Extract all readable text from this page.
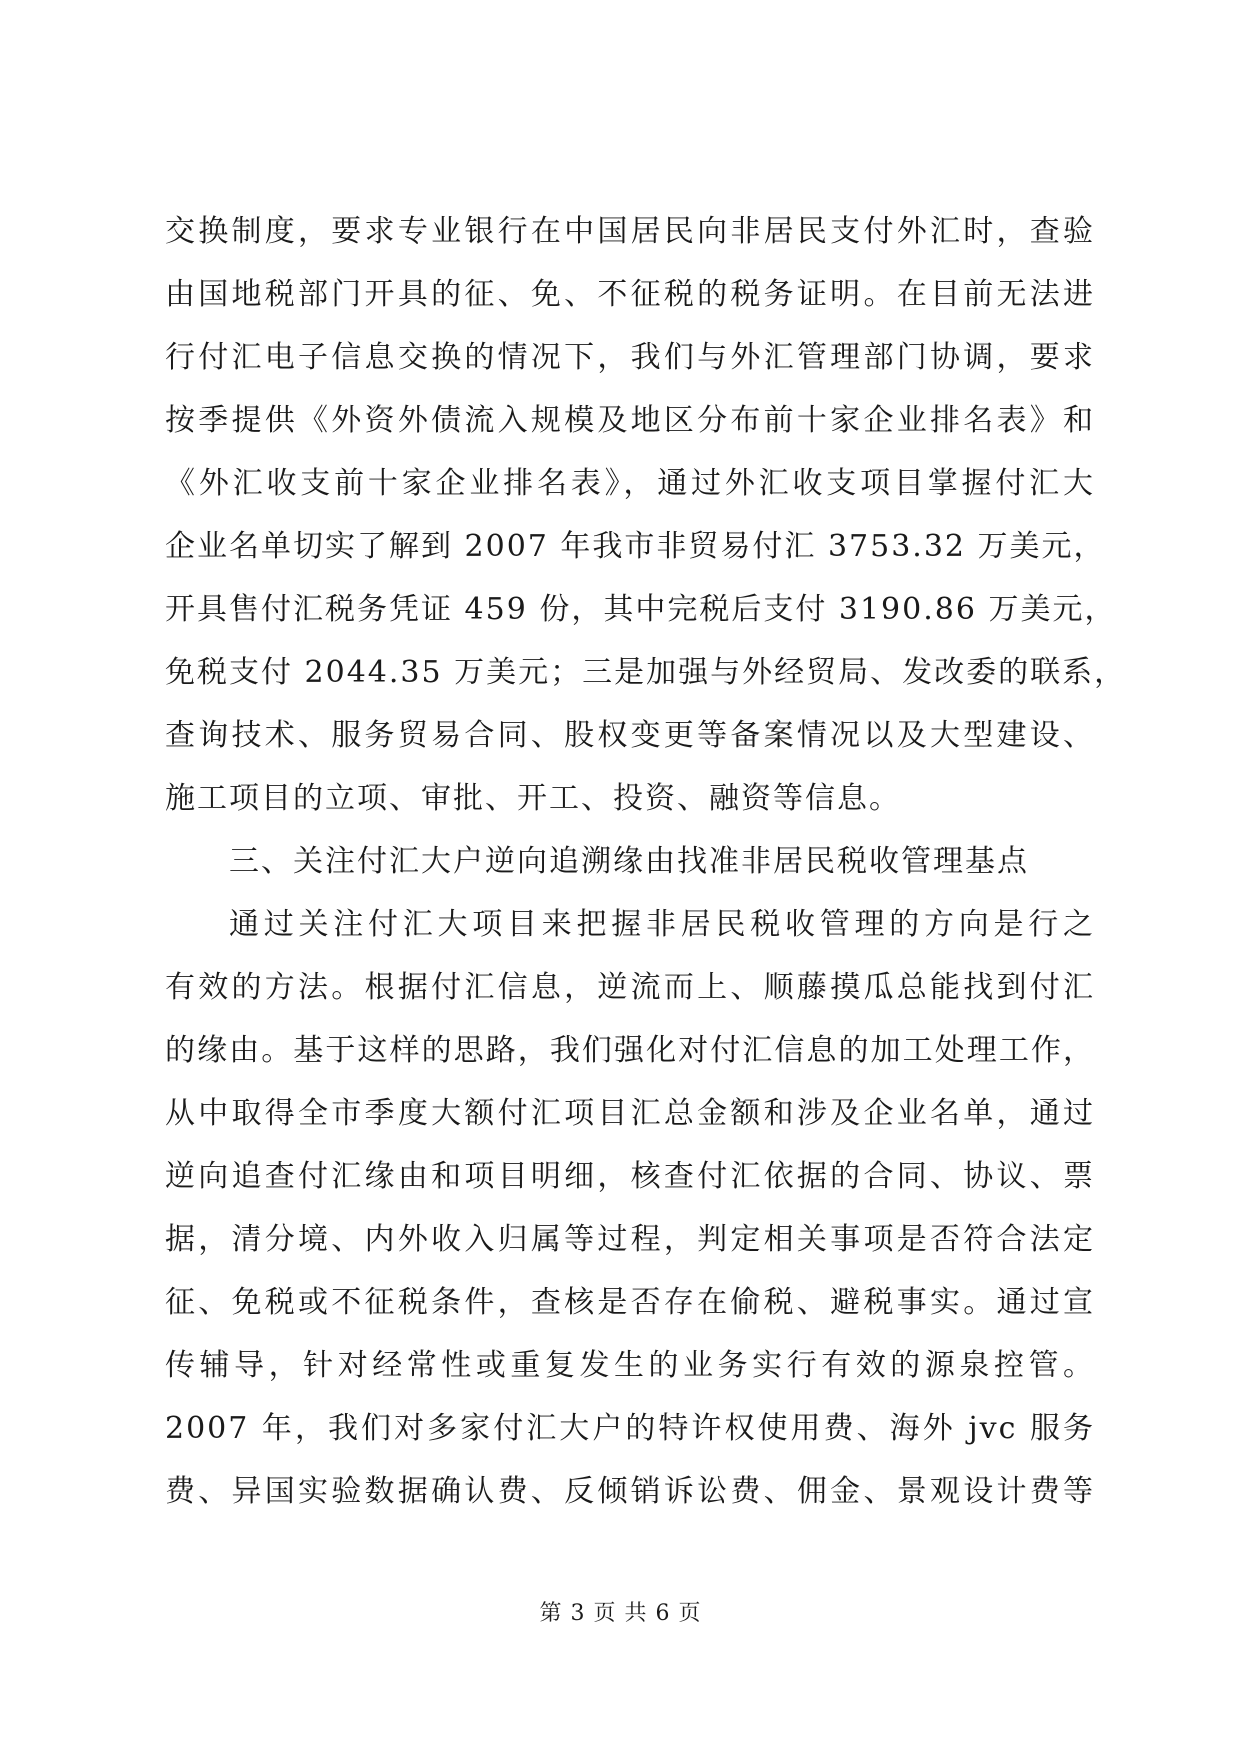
交换制度，要求专业银行在中国居民向非居民支付外汇时，查验
由国地税部门开具的征、免、不征税的税务证明。在目前无法进
行付汇电子信息交换的情况下，我们与外汇管理部门协调，要求
按季提供《外资外债流入规模及地区分布前十家企业排名表》和
《外汇收支前十家企业排名表》，通过外汇收支项目掌握付汇大
企业名单切实了解到 2007 年我市非贸易付汇 3753.32 万美元，
开具售付汇税务凭证 459 份，其中完税后支付 3190.86 万美元，
免税支付 2044.35 万美元；三是加强与外经贸局、发改委的联系，
查询技术、服务贸易合同、股权变更等备案情况以及大型建设、
施工项目的立项、审批、开工、投资、融资等信息。
三、关注付汇大户逆向追溯缘由找准非居民税收管理基点
通过关注付汇大项目来把握非居民税收管理的方向是行之
有效的方法。根据付汇信息，逆流而上、顺藤摸瓜总能找到付汇
的缘由。基于这样的思路，我们强化对付汇信息的加工处理工作，
从中取得全市季度大额付汇项目汇总金额和涉及企业名单，通过
逆向追查付汇缘由和项目明细，核查付汇依据的合同、协议、票
据，清分境、内外收入归属等过程，判定相关事项是否符合法定
征、免税或不征税条件，查核是否存在偷税、避税事实。通过宣
传辅导，针对经常性或重复发生的业务实行有效的源泉控管。
2007 年，我们对多家付汇大户的特许权使用费、海外 jvc 服务
费、异国实验数据确认费、反倾销诉讼费、佣金、景观设计费等
第 3 页 共 6 页
